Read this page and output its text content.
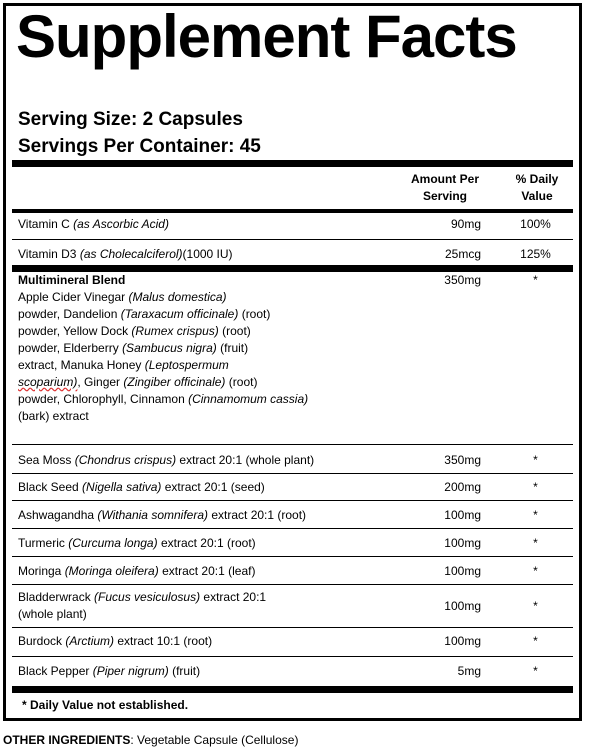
Supplement Facts
Serving Size: 2 Capsules
Servings Per Container: 45
Amount Per
Serving
% Daily
Value
Vitamin C (as Ascorbic Acid)	90mg	100%
Vitamin D3 (as Cholecalciferol)(1000 IU)	25mcg	125%
Multimineral Blend
Apple Cider Vinegar (Malus domestica)
powder, Dandelion (Taraxacum officinale) (root)
powder, Yellow Dock (Rumex crispus) (root)
powder, Elderberry (Sambucus nigra) (fruit)
extract, Manuka Honey (Leptospermum
scoparium), Ginger (Zingiber officinale) (root)
powder, Chlorophyll, Cinnamon (Cinnamomum cassia)
(bark) extract
350mg	*
Sea Moss (Chondrus crispus) extract 20:1 (whole plant)	350mg	*
Black Seed (Nigella sativa) extract 20:1 (seed)	200mg	*
Ashwagandha (Withania somnifera) extract 20:1 (root)	100mg	*
Turmeric (Curcuma longa) extract 20:1 (root)	100mg	*
Moringa (Moringa oleifera) extract 20:1 (leaf)	100mg	*
Bladderwrack (Fucus vesiculosus) extract 20:1
(whole plant)
100mg	*
Burdock (Arctium) extract 10:1 (root)	100mg	*
Black Pepper (Piper nigrum) (fruit)	5mg	*
* Daily Value not established.
OTHER INGREDIENTS: Vegetable Capsule (Cellulose)
